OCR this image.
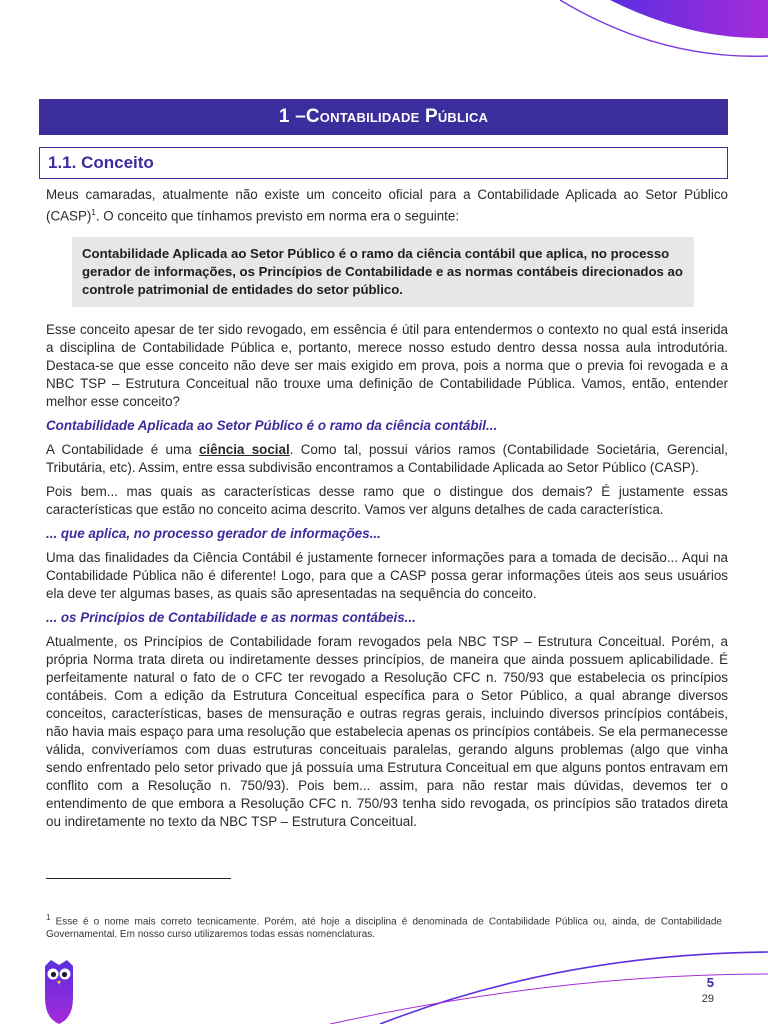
1 – Contabilidade Pública
1.1. Conceito

Meus camaradas, atualmente não existe um conceito oficial para a Contabilidade Aplicada ao Setor Público (CASP)$^1$. O conceito que tínhamos previsto em norma era o seguinte:

Contabilidade Aplicada ao Setor Público é o ramo da ciência contábil que aplica, no processo gerador de informações, os Princípios de Contabilidade e as normas contábeis direcionados ao controle patrimonial de entidades do setor público.

Esse conceito apesar de ter sido revogado, em essência é útil para entendermos o contexto no qual está inserida a disciplina de Contabilidade Pública e, portanto, merece nosso estudo dentro dessa nossa aula introdutória. Destaca-se que esse conceito não deve ser mais exigido em prova, pois a norma que o previa foi revogada e a NBC TSP – Estrutura Conceitual não trouxe uma definição de Contabilidade Pública. Vamos, então, entender melhor esse conceito?

Contabilidade Aplicada ao Setor Público é o ramo da ciência contábil...

A Contabilidade é uma ciência social. Como tal, possui vários ramos (Contabilidade Societária, Gerencial, Tributária, etc). Assim, entre essa subdivisão encontramos a Contabilidade Aplicada ao Setor Público (CASP).

Pois bem... mas quais as características desse ramo que o distingue dos demais? É justamente essas características que estão no conceito acima descrito. Vamos ver alguns detalhes de cada característica.

... que aplica, no processo gerador de informações...

Uma das finalidades da Ciência Contábil é justamente fornecer informações para a tomada de decisão... Aqui na Contabilidade Pública não é diferente! Logo, para que a CASP possa gerar informações úteis aos seus usuários ela deve ter algumas bases, as quais são apresentadas na sequência do conceito.

... os Princípios de Contabilidade e as normas contábeis...

Atualmente, os Princípios de Contabilidade foram revogados pela NBC TSP – Estrutura Conceitual. Porém, a própria Norma trata direta ou indiretamente desses princípios, de maneira que ainda possuem aplicabilidade. É perfeitamente natural o fato de o CFC ter revogado a Resolução CFC n. 750/93 que estabelecia os princípios contábeis. Com a edição da Estrutura Conceitual específica para o Setor Público, a qual abrange diversos conceitos, características, bases de mensuração e outras regras gerais, incluindo diversos princípios contábeis, não havia mais espaço para uma resolução que estabelecia apenas os princípios contábeis. Se ela permanecesse válida, conviveríamos com duas estruturas conceituais paralelas, gerando alguns problemas (algo que vinha sendo enfrentado pelo setor privado que já possuía uma Estrutura Conceitual em que alguns pontos entravam em conflito com a Resolução n. 750/93). Pois bem... assim, para não restar mais dúvidas, devemos ter o entendimento de que embora a Resolução CFC n. 750/93 tenha sido revogada, os princípios são tratados direta ou indiretamente no texto da NBC TSP – Estrutura Conceitual.

$^1$ Esse é o nome mais correto tecnicamente. Porém, até hoje a disciplina é denominada de Contabilidade Pública ou, ainda, de Contabilidade Governamental. Em nosso curso utilizaremos todas essas nomenclaturas.
5
29
